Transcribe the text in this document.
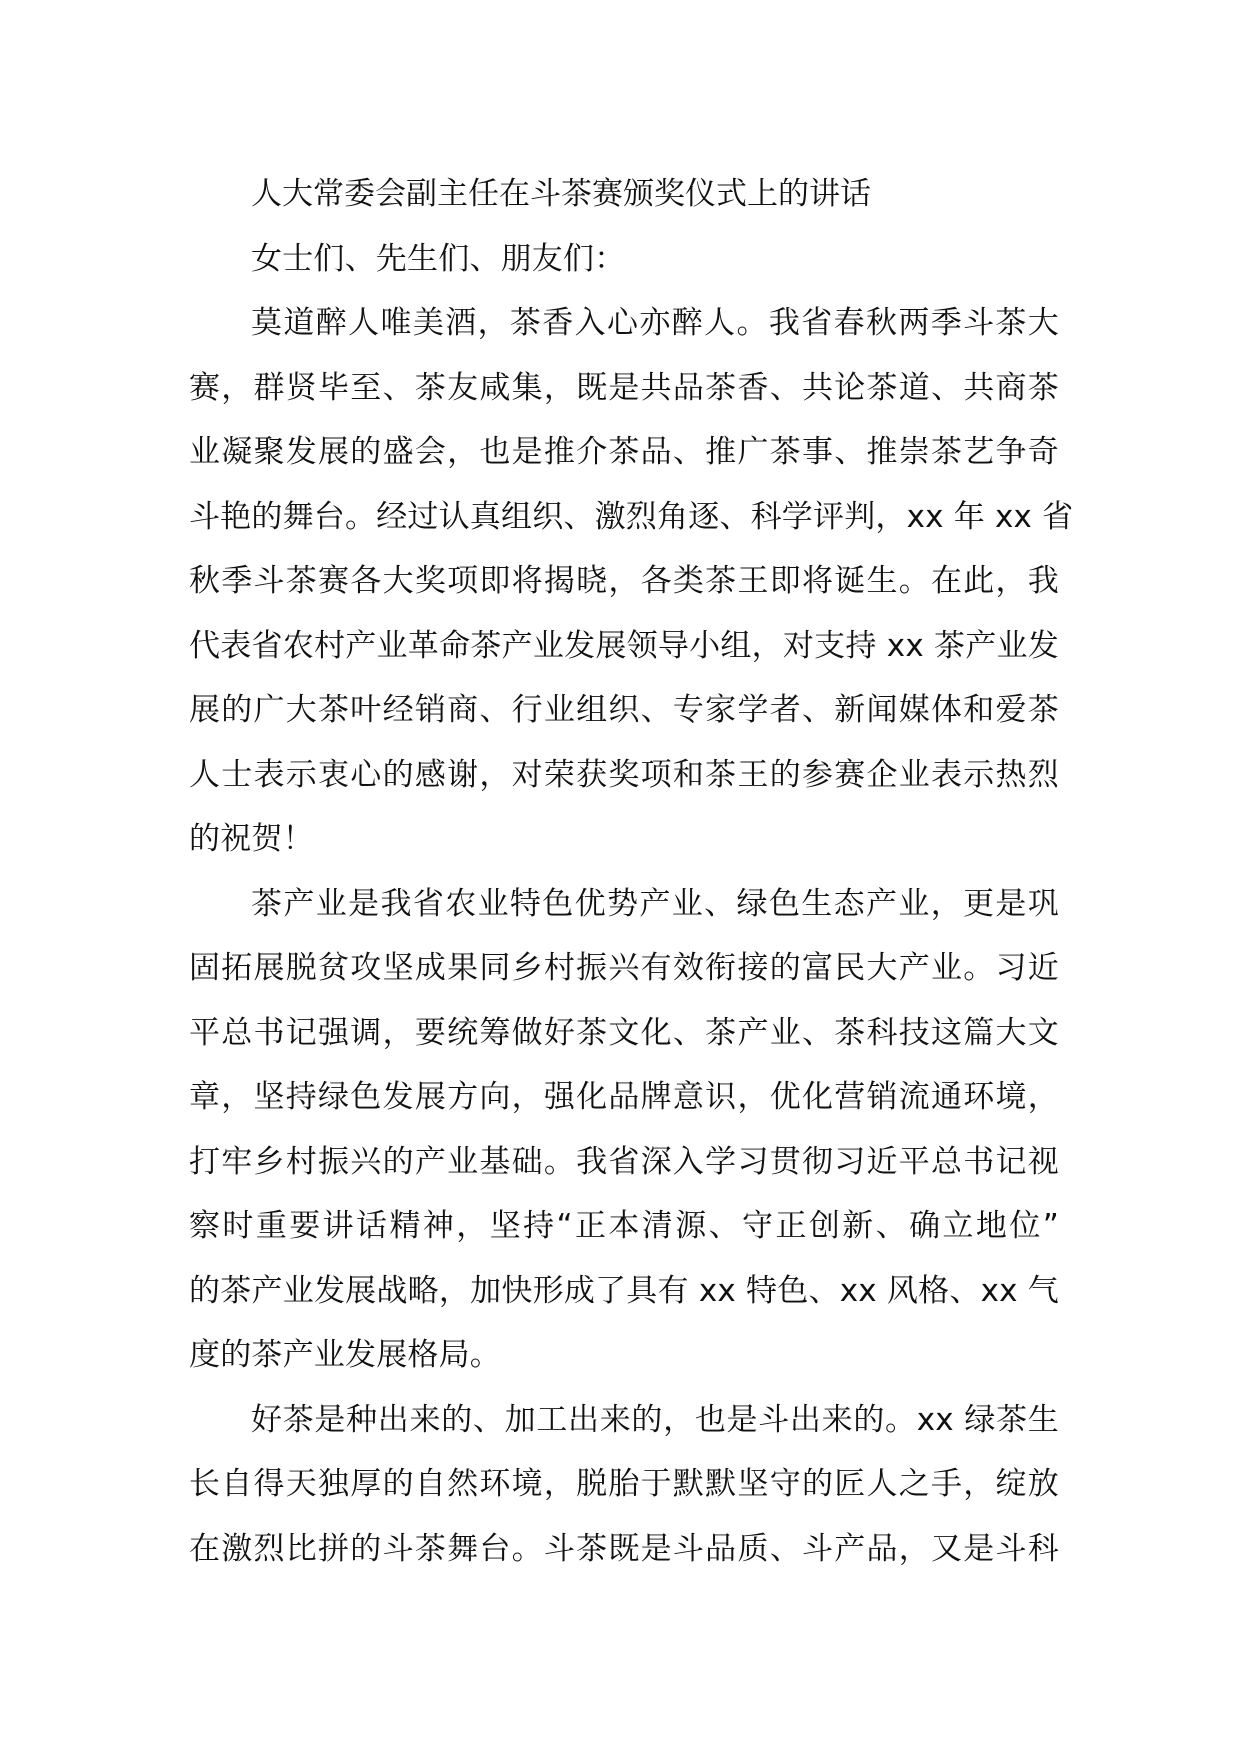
人大常委会副主任在斗茶赛颁奖仪式上的讲话
女士们、先生们、朋友们：
莫道醉人唯美酒，茶香入心亦醉人。我省春秋两季斗茶大
赛，群贤毕至、茶友咸集，既是共品茶香、共论茶道、共商茶
业凝聚发展的盛会，也是推介茶品、推广茶事、推崇茶艺争奇
斗艳的舞台。经过认真组织、激烈角逐、科学评判，xx 年 xx 省
秋季斗茶赛各大奖项即将揭晓，各类茶王即将诞生。在此，我
代表省农村产业革命茶产业发展领导小组，对支持 xx 茶产业发
展的广大茶叶经销商、行业组织、专家学者、新闻媒体和爱茶
人士表示衷心的感谢，对荣获奖项和茶王的参赛企业表示热烈
的祝贺！
茶产业是我省农业特色优势产业、绿色生态产业，更是巩
固拓展脱贫攻坚成果同乡村振兴有效衔接的富民大产业。习近
平总书记强调，要统筹做好茶文化、茶产业、茶科技这篇大文
章，坚持绿色发展方向，强化品牌意识，优化营销流通环境，
打牢乡村振兴的产业基础。我省深入学习贯彻习近平总书记视
察时重要讲话精神，坚持“正本清源、守正创新、确立地位”
的茶产业发展战略，加快形成了具有 xx 特色、xx 风格、xx 气
度的茶产业发展格局。
好茶是种出来的、加工出来的，也是斗出来的。xx 绿茶生
长自得天独厚的自然环境，脱胎于默默坚守的匠人之手，绽放
在激烈比拼的斗茶舞台。斗茶既是斗品质、斗产品，又是斗科
